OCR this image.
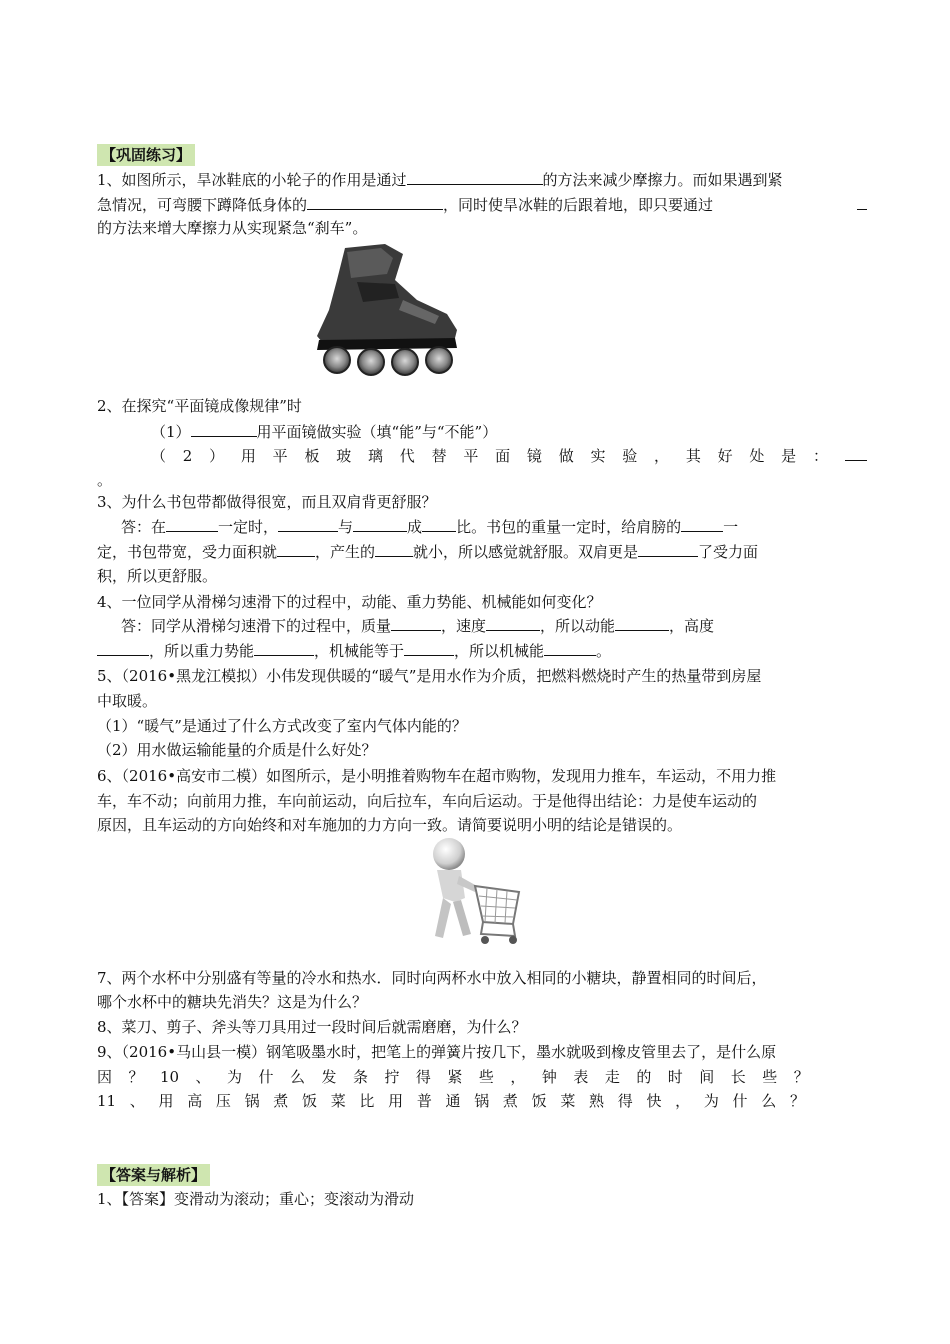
【巩固练习】
1、如图所示，旱冰鞋底的小轮子的作用是通过	的方法来减少摩擦力。而如果遇到紧
急情况，可弯腰下蹲降低身体的	，同时使旱冰鞋的后跟着地，即只要通过
的方法来增大摩擦力从实现紧急“刹车”。
2、在探究“平面镜成像规律”时
（1）	用平面镜做实验（填“能”与“不能”）
（ 2 ） 用 平 板 玻 璃 代 替 平 面 镜 做 实 验 ， 其 好 处 是 ：
。
3、为什么书包带都做得很宽，而且双肩背更舒服？
答：在	一定时，	与	成 比。书包的重量一定时，给肩膀的	一
定，书包带宽，受力面积就	，产生的	就小，所以感觉就舒服。双肩更是	了受力面
积，所以更舒服。
4、一位同学从滑梯匀速滑下的过程中，动能、重力势能、机械能如何变化？
答：同学从滑梯匀速滑下的过程中，质量	，速度	，所以动能	，高度
，所以重力势能	，机械能等于	，所以机械能	。
5、（2016•黑龙江模拟）小伟发现供暖的“暖气”是用水作为介质，把燃料燃烧时产生的热量带到房屋
中取暖。
（1）“暖气”是通过了什么方式改变了室内气体内能的？
（2）用水做运输能量的介质是什么好处？
6、（2016•高安市二模）如图所示，是小明推着购物车在超市购物，发现用力推车，车运动，不用力推
车，车不动；向前用力推，车向前运动，向后拉车，车向后运动。于是他得出结论：力是使车运动的
原因，且车运动的方向始终和对车施加的力方向一致。请简要说明小明的结论是错误的。
7、两个水杯中分别盛有等量的冷水和热水．同时向两杯水中放入相同的小糖块，静置相同的时间后，
哪个水杯中的糖块先消失？这是为什么？
8、菜刀、剪子、斧头等刀具用过一段时间后就需磨磨，为什么？
9、（2016•马山县一模）钢笔吸墨水时，把笔上的弹簧片按几下，墨水就吸到橡皮管里去了，是什么原
因 ？ 10 、 为 什 么 发 条 拧 得 紧 些 ， 钟 表 走 的 时 间 长 些 ？
11 、 用 高 压 锅 煮 饭 菜 比 用 普 通 锅 煮 饭 菜 熟 得 快 ， 为 什 么 ？
【答案与解析】
1、【答案】变滑动为滚动；重心；变滚动为滑动
